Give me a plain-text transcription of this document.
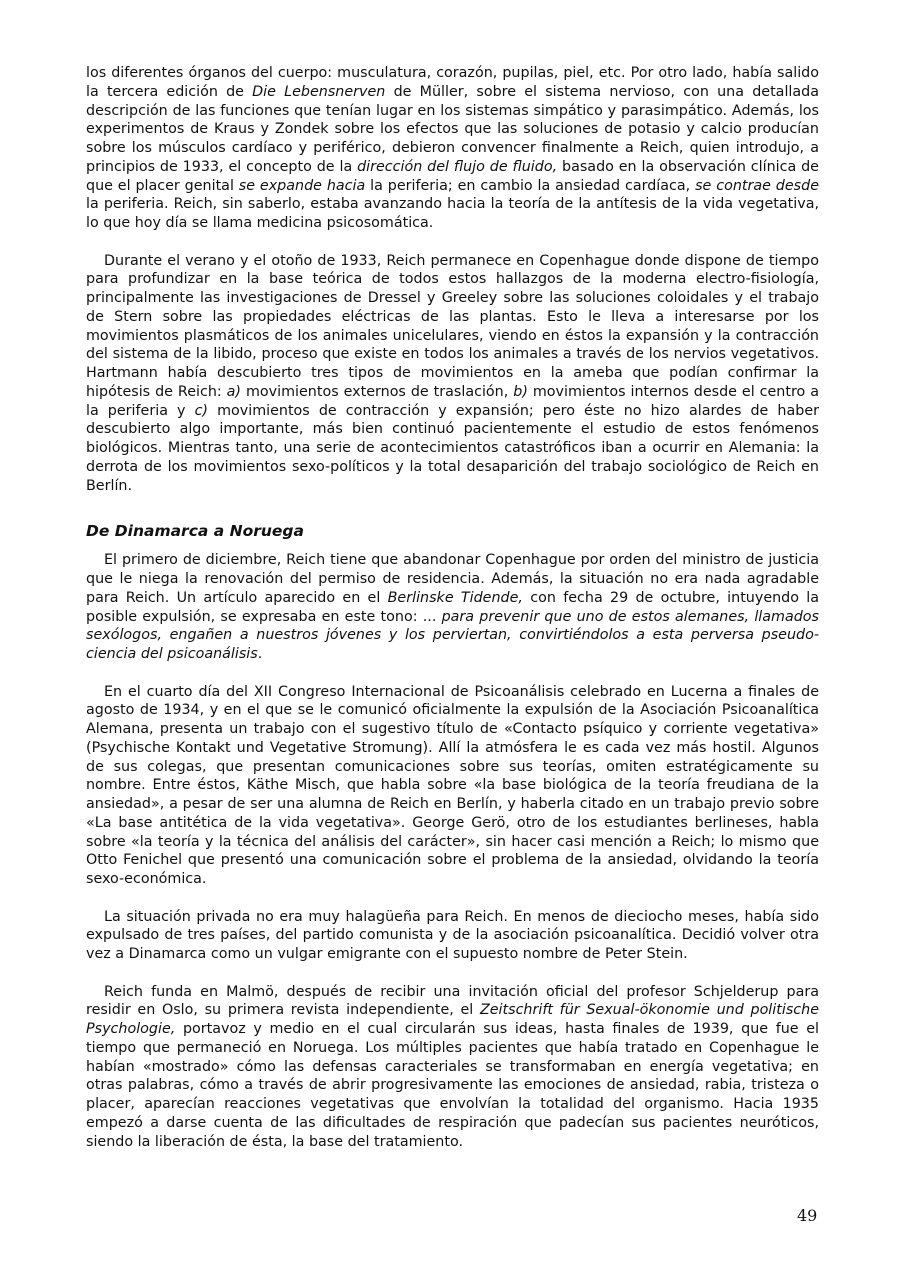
los diferentes órganos del cuerpo: musculatura, corazón, pupilas, piel, etc. Por otro lado, había salido la tercera edición de Die Lebensnerven de Müller, sobre el sistema nervioso, con una detallada descripción de las funciones que tenían lugar en los sistemas simpático y parasimpático. Además, los experimentos de Kraus y Zondek sobre los efectos que las soluciones de potasio y calcio producían sobre los músculos cardíaco y periférico, debieron convencer finalmente a Reich, quien introdujo, a principios de 1933, el concepto de la dirección del flujo de fluido, basado en la observación clínica de que el placer genital se expande hacia la periferia; en cambio la ansiedad cardíaca, se contrae desde la periferia. Reich, sin saberlo, estaba avanzando hacia la teoría de la antítesis de la vida vegetativa, lo que hoy día se llama medicina psicosomática.

Durante el verano y el otoño de 1933, Reich permanece en Copenhague donde dispone de tiempo para profundizar en la base teórica de todos estos hallazgos de la moderna electro-fisiología, principalmente las investigaciones de Dressel y Greeley sobre las soluciones coloidales y el trabajo de Stern sobre las propiedades eléctricas de las plantas. Esto le lleva a interesarse por los movimientos plasmáticos de los animales unicelulares, viendo en éstos la expansión y la contracción del sistema de la libido, proceso que existe en todos los animales a través de los nervios vegetativos. Hartmann había descubierto tres tipos de movimientos en la ameba que podían confirmar la hipótesis de Reich: a) movimientos externos de traslación, b) movimientos internos desde el centro a la periferia y c) movimientos de contracción y expansión; pero éste no hizo alardes de haber descubierto algo importante, más bien continuó pacientemente el estudio de estos fenómenos biológicos. Mientras tanto, una serie de acontecimientos catastróficos iban a ocurrir en Alemania: la derrota de los movimientos sexo-políticos y la total desaparición del trabajo sociológico de Reich en Berlín.

De Dinamarca a Noruega

El primero de diciembre, Reich tiene que abandonar Copenhague por orden del ministro de justicia que le niega la renovación del permiso de residencia. Además, la situación no era nada agradable para Reich. Un artículo aparecido en el Berlinske Tidende, con fecha 29 de octubre, intuyendo la posible expulsión, se expresaba en este tono: ... para prevenir que uno de estos alemanes, llamados sexólogos, engañen a nuestros jóvenes y los perviertan, convirtiéndolos a esta perversa pseudo-ciencia del psicoanálisis.

En el cuarto día del XII Congreso Internacional de Psicoanálisis celebrado en Lucerna a finales de agosto de 1934, y en el que se le comunicó oficialmente la expulsión de la Asociación Psicoanalítica Alemana, presenta un trabajo con el sugestivo título de «Contacto psíquico y corriente vegetativa» (Psychische Kontakt und Vegetative Stromung). Allí la atmósfera le es cada vez más hostil. Algunos de sus colegas, que presentan comunicaciones sobre sus teorías, omiten estratégicamente su nombre. Entre éstos, Käthe Misch, que habla sobre «la base biológica de la teoría freudiana de la ansiedad», a pesar de ser una alumna de Reich en Berlín, y haberla citado en un trabajo previo sobre «La base antitética de la vida vegetativa». George Gerö, otro de los estudiantes berlineses, habla sobre «la teoría y la técnica del análisis del carácter», sin hacer casi mención a Reich; lo mismo que Otto Fenichel que presentó una comunicación sobre el problema de la ansiedad, olvidando la teoría sexo-económica.

La situación privada no era muy halagüeña para Reich. En menos de dieciocho meses, había sido expulsado de tres países, del partido comunista y de la asociación psicoanalítica. Decidió volver otra vez a Dinamarca como un vulgar emigrante con el supuesto nombre de Peter Stein.

Reich funda en Malmö, después de recibir una invitación oficial del profesor Schjelderup para residir en Oslo, su primera revista independiente, el Zeitschrift für Sexual-ökonomie und politische Psychologie, portavoz y medio en el cual circularán sus ideas, hasta finales de 1939, que fue el tiempo que permaneció en Noruega. Los múltiples pacientes que había tratado en Copenhague le habían «mostrado» cómo las defensas caracteriales se transformaban en energía vegetativa; en otras palabras, cómo a través de abrir progresivamente las emociones de ansiedad, rabia, tristeza o placer, aparecían reacciones vegetativas que envolvían la totalidad del organismo. Hacia 1935 empezó a darse cuenta de las dificultades de respiración que padecían sus pacientes neuróticos, siendo la liberación de ésta, la base del tratamiento.

49
